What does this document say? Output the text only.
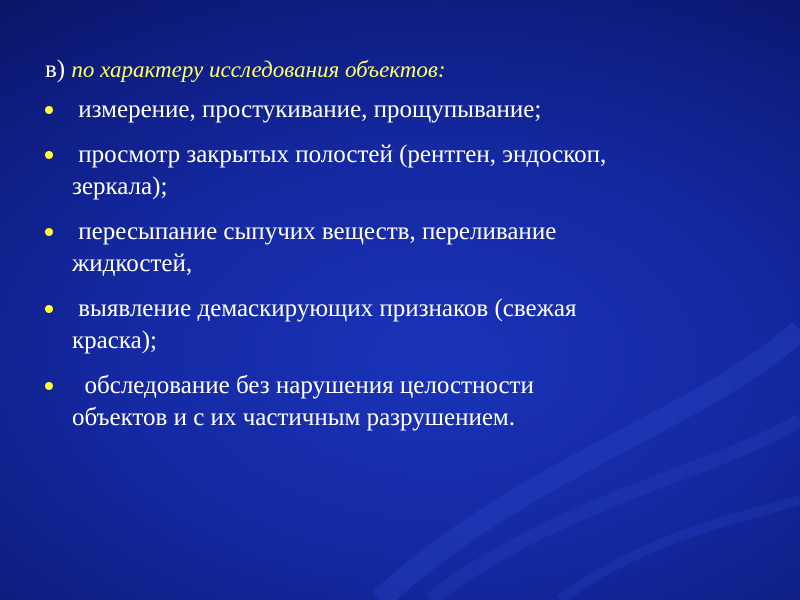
в) по характеру исследования объектов:
измерение, простукивание, прощупывание;
просмотр закрытых полостей (рентген, эндоскоп,
зеркала);
пересыпание сыпучих веществ, переливание
жидкостей,
выявление демаскирующих признаков (свежая
краска);
обследование без нарушения целостности
объектов и с их частичным разрушением.
